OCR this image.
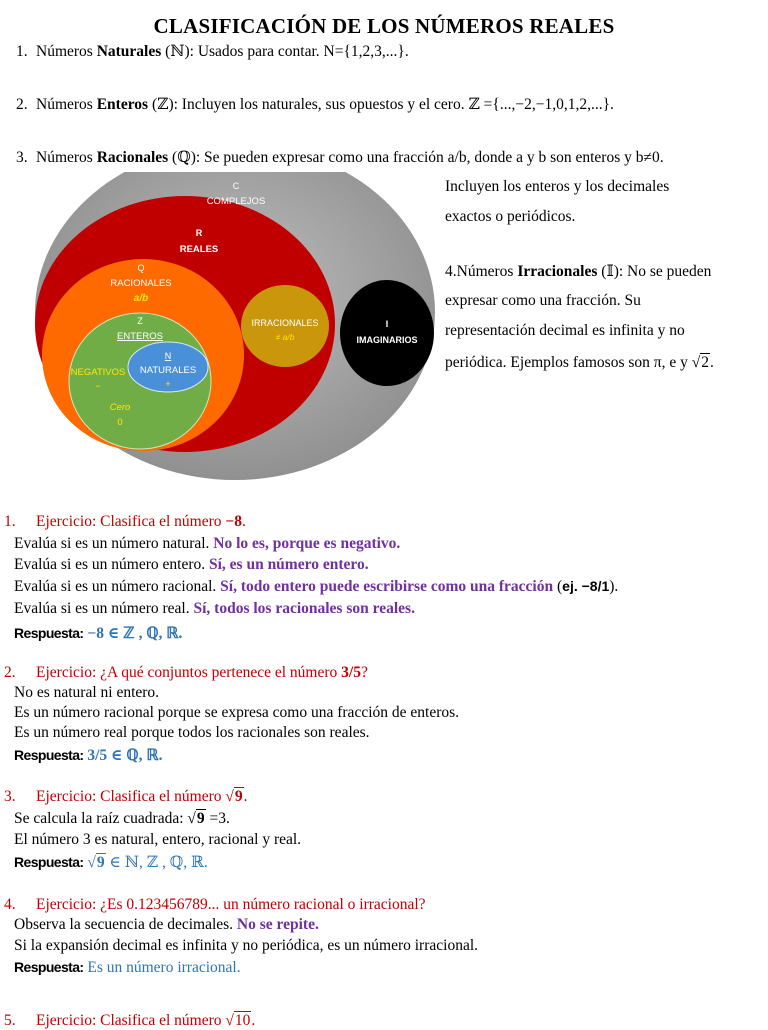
CLASIFICACIÓN DE LOS NÚMEROS REALES
1. Números Naturales (ℕ): Usados para contar. N={1,2,3,...}.
2. Números Enteros (ℤ): Incluyen los naturales, sus opuestos y el cero. ℤ ={...,−2,−1,0,1,2,...}.
3. Números Racionales (ℚ): Se pueden expresar como una fracción a/b, donde a y b son enteros y b≠0.
Incluyen los enteros y los decimales
exactos o periódicos.
4.Números Irracionales (𝕀): No se pueden
expresar como una fracción. Su
representación decimal es infinita y no
periódica. Ejemplos famosos son π, e y √2.
C
COMPLEJOS
R
REALES
Q
RACIONALES
a/b
Z
ENTEROS
N
NATURALES
+
NEGATIVOS
−
Cero
0
IRRACIONALES
≠ a/b
I
IMAGINARIOS
1. Ejercicio: Clasifica el número −8.
Evalúa si es un número natural. No lo es, porque es negativo.
Evalúa si es un número entero. Sí, es un número entero.
Evalúa si es un número racional. Sí, todo entero puede escribirse como una fracción (ej. −8/1).
Evalúa si es un número real. Sí, todos los racionales son reales.
Respuesta: −8 ∈ ℤ , ℚ, ℝ.
2. Ejercicio: ¿A qué conjuntos pertenece el número 3/5?
No es natural ni entero.
Es un número racional porque se expresa como una fracción de enteros.
Es un número real porque todos los racionales son reales.
Respuesta: 3/5 ∈ ℚ, ℝ.
3. Ejercicio: Clasifica el número √9.
Se calcula la raíz cuadrada: √9 =3.
El número 3 es natural, entero, racional y real.
Respuesta: √9 ∈ ℕ, ℤ , ℚ, ℝ.
4. Ejercicio: ¿Es 0.123456789... un número racional o irracional?
Observa la secuencia de decimales. No se repite.
Si la expansión decimal es infinita y no periódica, es un número irracional.
Respuesta: Es un número irracional.
5. Ejercicio: Clasifica el número √10.
